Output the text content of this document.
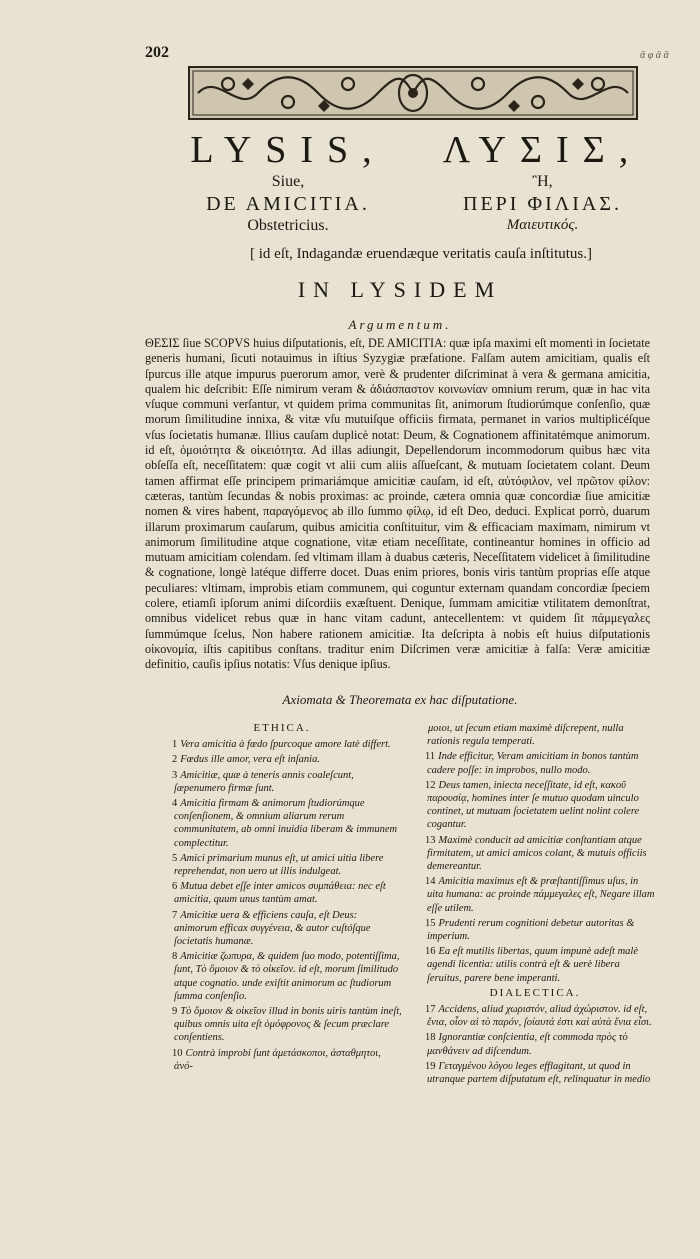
202	ᾱ φ ᾱ ᾱ
LYSIS,
Siue,
DE AMICITIA.
Obstetricius.
ΛΥΣΙΣ,
Ἢ,
ΠΕΡΙ ΦΙΛΙΑΣ.
Μαιευτικός.
[ id eſt, Indagandæ eruendæque veritatis cauſa inſtitutus.]
IN LYSIDEM
Argumentum.
ΘΕΣΙΣ ſiue SCOPVS huius diſputationis, eſt, DE AMICITIA: quæ ipſa maximi eſt momenti in ſocietate generis humani, ſicuti notauimus in iſtius Syzygiæ præfatione. Falſam autem amicitiam, qualis eſt ſpurcus ille atque impurus puerorum amor, verè & prudenter diſcriminat à vera & germana amicitia, qualem hic deſcribit: Eſſe nimirum veram & ἀδιάσπαστον κοινωνίαν omnium rerum, quæ in hac vita vſuque communi verſantur, vt quidem prima communitas ſit, animorum ſtudiorúmque conſenſio, quæ morum ſimilitudine innixa, & vitæ vſu mutuiſque officiis firmata, permanet in varios multiplicéſque vſus ſocietatis humanæ. Illius cauſam duplicè notat: Deum, & Cognationem affinitatémque animorum. id eſt, ὁμοιότητα & οἰκειότητα. Ad illas adiungit, Depellendorum incommodorum quibus hæc vita obſeſſa eſt, neceſſitatem: quæ cogit vt alii cum aliis aſſueſcant, & mutuam ſocietatem colant. Deum tamen affirmat eſſe principem primariámque amicitiæ cauſam, id eſt, αὐτόφιλον, vel πρῶτον φίλον: cæteras, tantùm ſecundas & nobis proximas: ac proinde, cætera omnia quæ concordiæ ſiue amicitiæ nomen & vires habent, παραγόμενος ab illo ſummo φίλῳ, id eſt Deo, deduci. Explicat porrò, duarum illarum proximarum cauſarum, quibus amicitia conſtituitur, vim & efficaciam maximam, nimirum vt animorum ſimilitudine atque cognatione, vitæ etiam neceſſitate, contineantur homines in officio ad mutuam amicitiam colendam. ſed vltimam illam à duabus cæteris, Neceſſitatem videlicet à ſimilitudine & cognatione, longè latéque differre docet. Duas enim priores, bonis viris tantùm proprias eſſe atque peculiares: vltimam, improbis etiam communem, qui coguntur externam quandam concordiæ ſpeciem colere, etiamſi ipſorum animi diſcordiis exæſtuent. Denique, ſummam amicitiæ vtilitatem demonſtrat, omnibus videlicet rebus quæ in hanc vitam cadunt, antecellentem: vt quidem ſit πάμμεγαλες ſummúmque ſcelus, Non habere rationem amicitiæ. Ita deſcripta à nobis eſt huius diſputationis οἰκονομία, iſtis capitibus conſtans. traditur enim Diſcrimen veræ amicitiæ à falſa: Veræ amicitiæ definitio, cauſis ipſius notatis: Vſus denique ipſius.
Axiomata & Theoremata ex hac diſputatione.
ETHICA.
1 Vera amicitia à fœdo ſpurcoque amore latè differt.
2 Fœdus ille amor, vera eſt inſania.
3 Amicitiæ, quæ à teneris annis coaleſcunt, ſæpenumero firmæ ſunt.
4 Amicitia firmam & animorum ſtudiorúmque conſenſionem, & omnium aliarum rerum communitatem, ab omni inuidia liberam & immunem complectitur.
5 Amici primarium munus eſt, ut amici uitia libere reprehendat, non uero ut illis indulgeat.
6 Mutua debet eſſe inter amicos συμπάθεια: nec eſt amicitia, quum unus tantùm amat.
7 Amicitiæ uera & efficiens cauſa, eſt Deus: animorum efficax συγγένεια, & autor cuſtóſque ſocietatis humanæ.
8 Amicitiæ ζωπυρα, & quidem ſuo modo, potentiſſima, ſunt, Τὸ ὅμοιον & τὸ οἰκεῖον. id eſt, morum ſimilitudo atque cognatio. unde exiſtit animorum ac ſtudiorum ſumma conſenſio.
9 Τὸ ὅμοιον & οἰκεῖον illud in bonis uiris tantùm ineſt, quibus omnis uita eſt ὁμόφρονος & ſecum præclare conſentiens.
10 Contrà improbi ſunt ἀμετάσκοποι, ἀσταθμητοι, ἀνό-
μοιοι, ut ſecum etiam maximè diſcrepent, nulla rationis regula temperati.
11 Inde efficitur, Veram amicitiam in bonos tantùm cadere poſſe: in improbos, nullo modo.
12 Deus tamen, iniecta neceſſitate, id eſt, κακοῦ παρουσίᾳ, homines inter ſe mutuo quodam uinculo continet, ut mutuam ſocietatem uelint nolint colere cogantur.
13 Maximè conducit ad amicitiæ conſtantiam atque firmitatem, ut amici amicos colant, & mutuis officiis demereantur.
14 Amicitia maximus eſt & præſtantiſſimus uſus, in uita humana: ac proinde πάμμεγαλες eſt, Negare illam eſſe utilem.
15 Prudenti rerum cognitioni debetur autoritas & imperium.
16 Ea eſt mutilis libertas, quum impunè adeſt malè agendi licentia: utilis contrà eſt & uerè libera ſeruitus, parere bene imperanti.
DIALECTICA.
17 Accidens, aliud χωριστόν, aliud ἀχώριστον. id eſt, ἕνια, οἷον αἱ τὸ παρόν, ſοίαυτά ἐστι καὶ αὐτὰ ἕνια εἶσι.
18 Ignorantiæ conſcientia, eſt commoda πρὸς τὸ μανθάνειν ad diſcendum.
19 Γεταγμένου λόγου leges efflagitant, ut quod in utranque partem diſputatum eſt, relinquatur in medio
